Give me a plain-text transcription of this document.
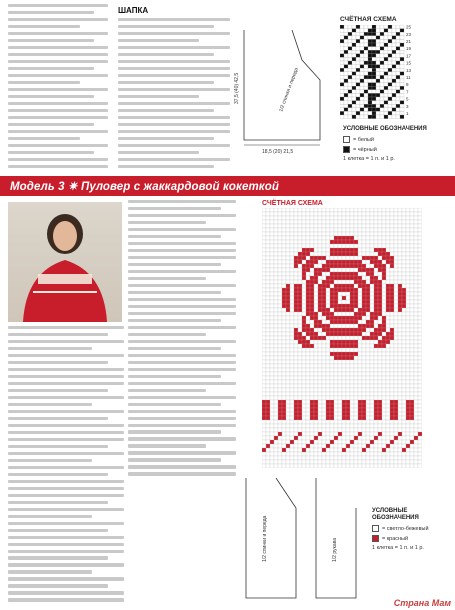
ШАПКА
1/2 спинки и переда
18,5 (20) 21,5
37,5 (40) 42,5
СЧЁТНАЯ СХЕМА
25
23
21
19
17
15
13
11
9
7
5
3
1
УСЛОВНЫЕ ОБОЗНАЧЕНИЯ
= белый
= чёрный
1 клетка = 1 п. и 1 р.
Модель 3 ✷ Пуловер с жаккардовой кокеткой
СЧЁТНАЯ СХЕМА
1/2 спинки и переда	1/2 рукава
УСЛОВНЫЕ ОБОЗНАЧЕНИЯ
= светло-бежевый
= красный
1 клетка = 1 п. и 1 р.
Страна Мам
